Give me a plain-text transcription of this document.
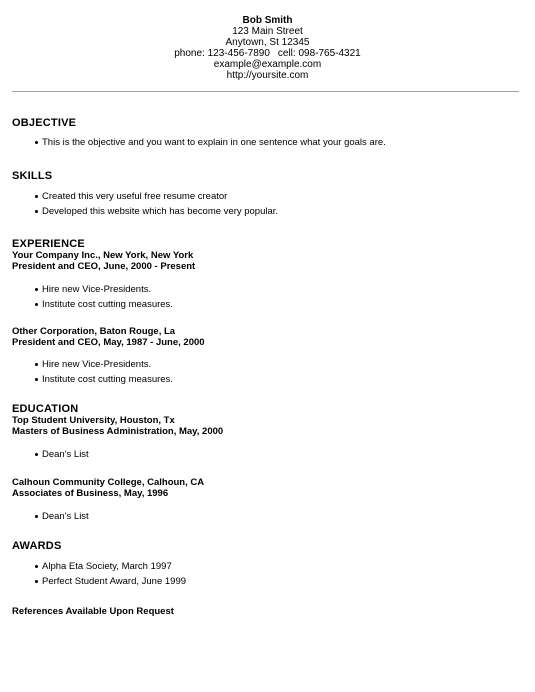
Bob Smith
123 Main Street
Anytown, St 12345
phone: 123-456-7890 cell: 098-765-4321
example@example.com
http://yoursite.com
OBJECTIVE
This is the objective and you want to explain in one sentence what your goals are.
SKILLS
Created this very useful free resume creator
Developed this website which has become very popular.
EXPERIENCE
Your Company Inc., New York, New York
President and CEO, June, 2000 - Present
Hire new Vice-Presidents.
Institute cost cutting measures.
Other Corporation, Baton Rouge, La
President and CEO, May, 1987 - June, 2000
Hire new Vice-Presidents.
Institute cost cutting measures.
EDUCATION
Top Student University, Houston, Tx
Masters of Business Administration, May, 2000
Dean's List
Calhoun Community College, Calhoun, CA
Associates of Business, May, 1996
Dean's List
AWARDS
Alpha Eta Society, March 1997
Perfect Student Award, June 1999
References Available Upon Request
